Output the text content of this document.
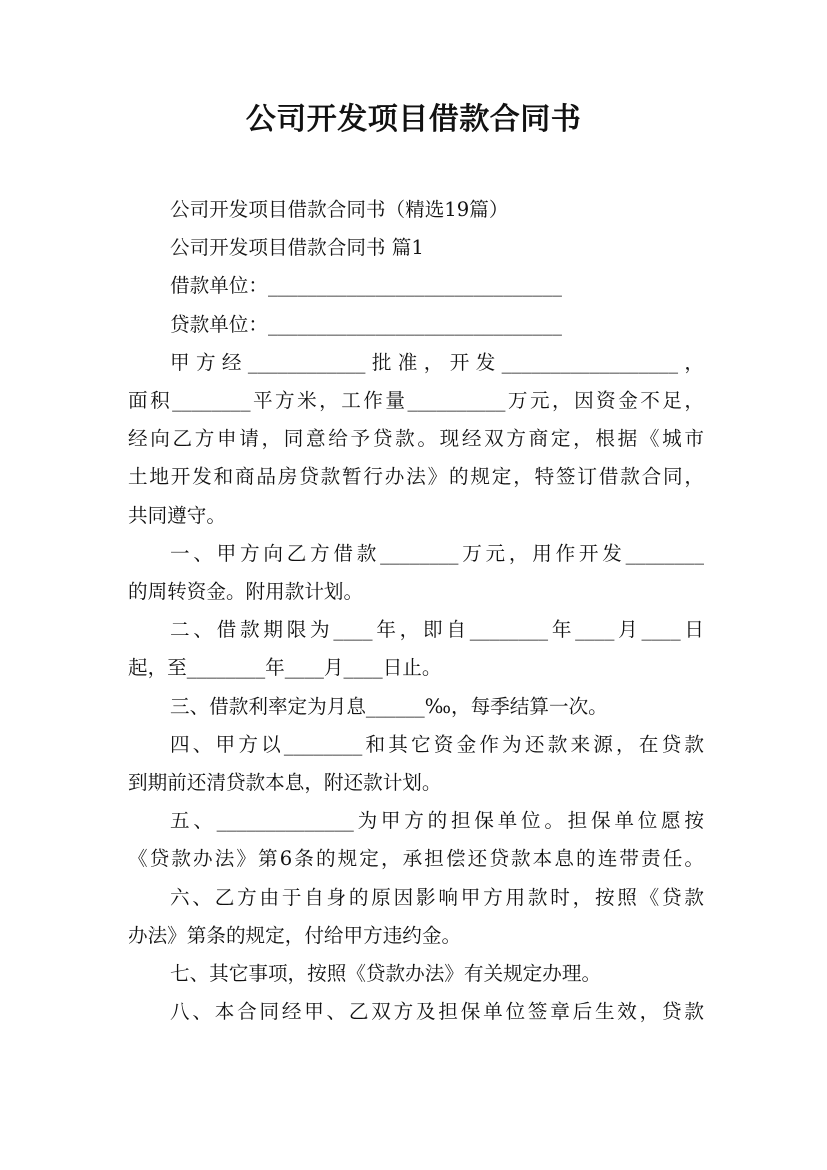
公司开发项目借款合同书

公司开发项目借款合同书（精选19篇）

公司开发项目借款合同书 篇1

借款单位：______________________________

贷款单位：______________________________

甲方经____________批准，开发__________________，

面积________平方米，工作量__________万元，因资金不足，

经向乙方申请，同意给予贷款。现经双方商定，根据《城市

土地开发和商品房贷款暂行办法》的规定，特签订借款合同，

共同遵守。

一、甲方向乙方借款________万元，用作开发________

的周转资金。附用款计划。

二、借款期限为____年，即自________年____月____日

起，至________年____月____日止。

三、借款利率定为月息______‰，每季结算一次。

四、甲方以________和其它资金作为还款来源，在贷款

到期前还清贷款本息，附还款计划。

五、______________为甲方的担保单位。担保单位愿按

《贷款办法》第6条的规定，承担偿还贷款本息的连带责任。

六、乙方由于自身的原因影响甲方用款时，按照《贷款

办法》第条的规定，付给甲方违约金。

七、其它事项，按照《贷款办法》有关规定办理。

八、本合同经甲、乙双方及担保单位签章后生效，贷款
